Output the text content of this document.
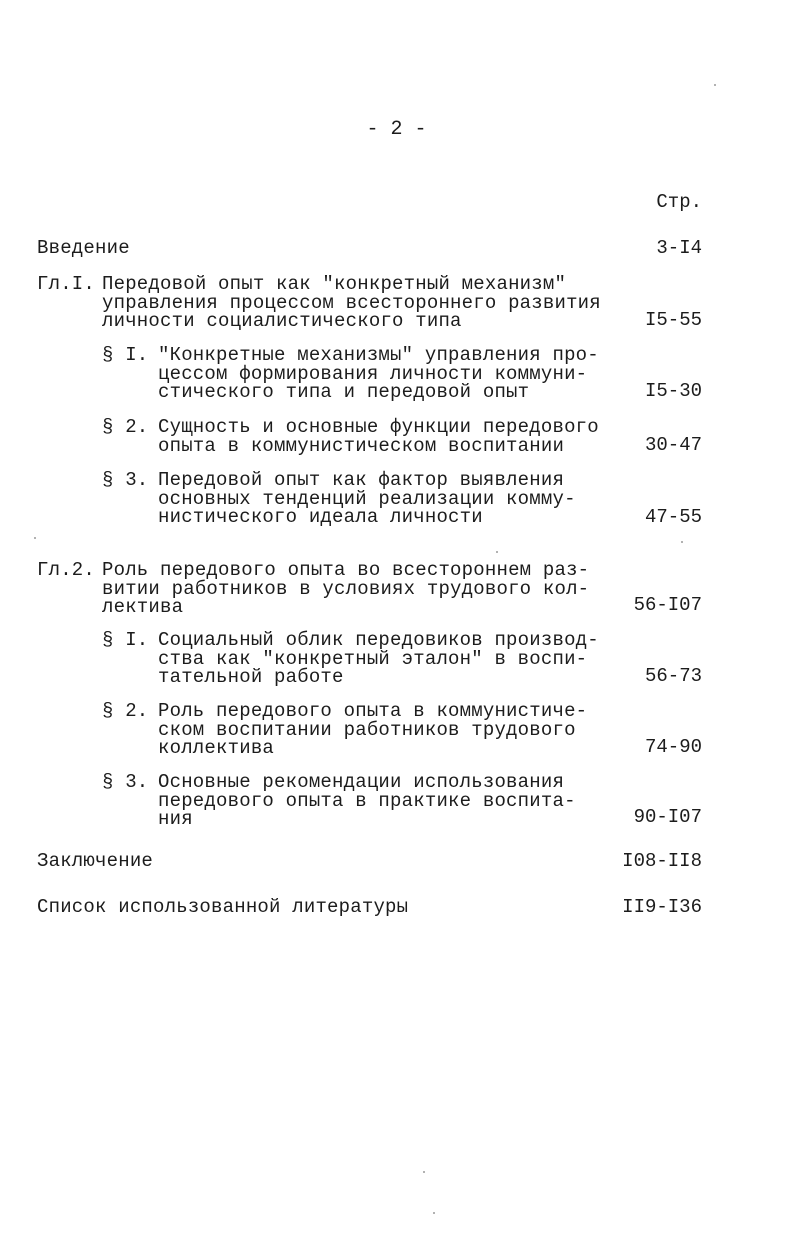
- 2 -
Стр.
Введение	3-I4
Гл.I. Передовой опыт как "конкретный механизм"
управления процессом всестороннего развития
личности социалистического типа	I5-55
§ I. "Конкретные механизмы" управления про-
цессом формирования личности коммуни-
стического типа и передовой опыт	I5-30
§ 2. Сущность и основные функции передового
опыта в коммунистическом воспитании	30-47
§ 3. Передовой опыт как фактор выявления
основных тенденций реализации комму-
нистического идеала личности	47-55
Гл.2. Роль передового опыта во всестороннем раз-
витии работников в условиях трудового кол-
лектива	56-I07
§ I. Социальный облик передовиков производ-
ства как "конкретный эталон" в воспи-
тательной работе	56-73
§ 2. Роль передового опыта в коммунистиче-
ском воспитании работников трудового
коллектива	74-90
§ 3. Основные рекомендации использования
передового опыта в практике воспита-
ния	90-I07
Заключение	I08-II8
Список использованной литературы	II9-I36
